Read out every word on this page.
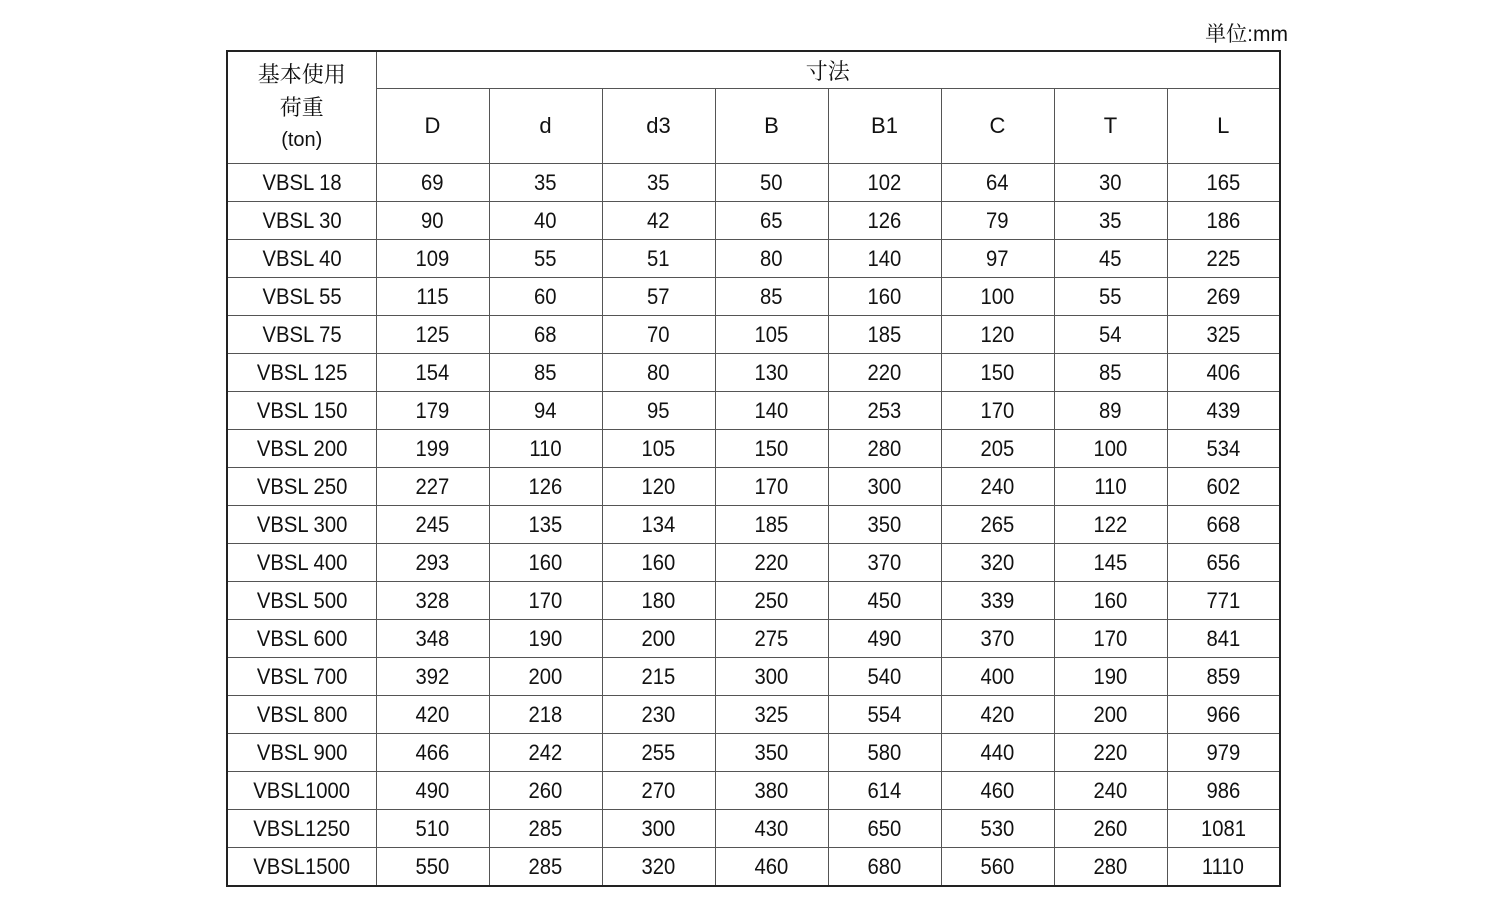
単位:mm
基本使用
荷重
(ton)	寸法							
	D	d	d3	B	B1	C	T	L
VBSL 18	69	35	35	50	102	64	30	165
VBSL 30	90	40	42	65	126	79	35	186
VBSL 40	109	55	51	80	140	97	45	225
VBSL 55	115	60	57	85	160	100	55	269
VBSL 75	125	68	70	105	185	120	54	325
VBSL 125	154	85	80	130	220	150	85	406
VBSL 150	179	94	95	140	253	170	89	439
VBSL 200	199	110	105	150	280	205	100	534
VBSL 250	227	126	120	170	300	240	110	602
VBSL 300	245	135	134	185	350	265	122	668
VBSL 400	293	160	160	220	370	320	145	656
VBSL 500	328	170	180	250	450	339	160	771
VBSL 600	348	190	200	275	490	370	170	841
VBSL 700	392	200	215	300	540	400	190	859
VBSL 800	420	218	230	325	554	420	200	966
VBSL 900	466	242	255	350	580	440	220	979
VBSL1000	490	260	270	380	614	460	240	986
VBSL1250	510	285	300	430	650	530	260	1081
VBSL1500	550	285	320	460	680	560	280	1110
